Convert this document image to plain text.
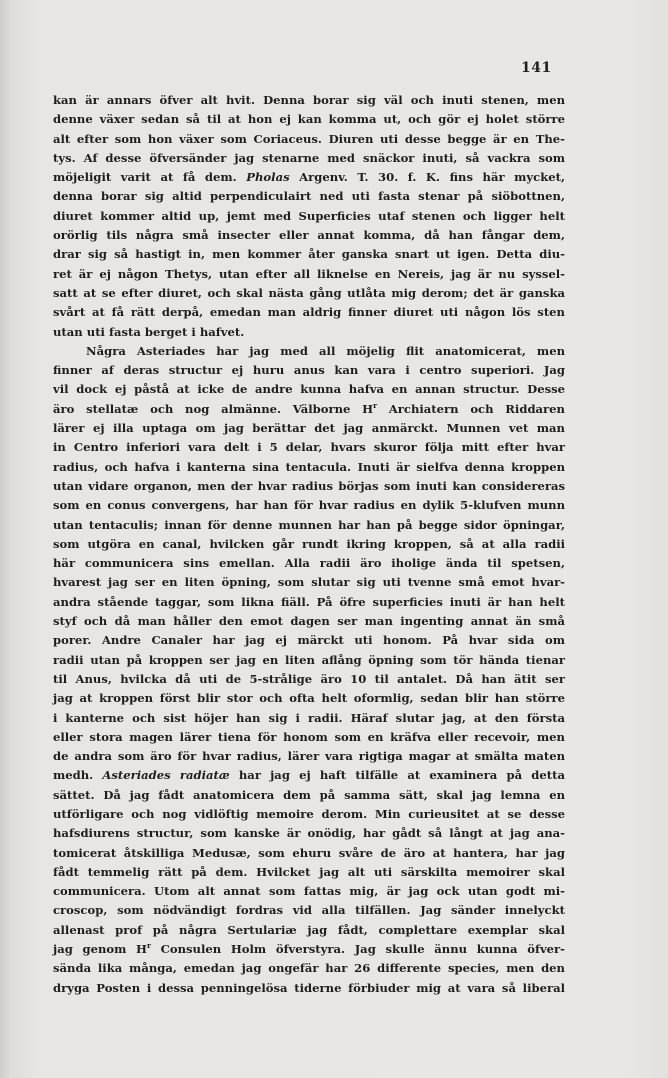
141
kan är annars öfver alt hvit. Denna borar sig väl och inuti stenen, men
denne växer sedan så til at hon ej kan komma ut, och gör ej holet större
alt efter som hon växer som Coriaceus. Diuren uti desse begge är en The-
tys. Af desse öfversänder jag stenarne med snäckor inuti, så vackra som
möjeligit varit at få dem. Pholas Argenv. T. 30. f. K. fins här mycket,
denna borar sig altid perpendiculairt ned uti fasta stenar på siöbottnen,
diuret kommer altid up, jemt med Superficies utaf stenen och ligger helt
orörlig tils några små insecter eller annat komma, då han fångar dem,
drar sig så hastigt in, men kommer åter ganska snart ut igen. Detta diu-
ret är ej någon Thetys, utan efter all liknelse en Nereis, jag är nu syssel-
satt at se efter diuret, och skal nästa gång utlåta mig derom; det är ganska
svårt at få rätt derpå, emedan man aldrig finner diuret uti någon lös sten
utan uti fasta berget i hafvet.
Några Asteriades har jag med all möjelig flit anatomicerat, men
finner af deras structur ej huru anus kan vara i centro superiori. Jag
vil dock ej påstå at icke de andre kunna hafva en annan structur. Desse
äro stellatæ och nog almänne. Välborne $H^r$ Archiatern och Riddaren
lärer ej illa uptaga om jag berättar det jag anmärckt. Munnen vet man
in Centro inferiori vara delt i 5 delar, hvars skuror följa mitt efter hvar
radius, och hafva i kanterna sina tentacula. Inuti är sielfva denna kroppen
utan vidare organon, men der hvar radius börjas som inuti kan considereras
som en conus convergens, har han för hvar radius en dylik 5-klufven munn
utan tentaculis; innan för denne munnen har han på begge sidor öpningar,
som utgöra en canal, hvilcken går rundt ikring kroppen, så at alla radii
här communicera sins emellan. Alla radii äro iholige ända til spetsen,
hvarest jag ser en liten öpning, som slutar sig uti tvenne små emot hvar-
andra stående taggar, som likna fiäll. På öfre superficies inuti är han helt
styf och då man håller den emot dagen ser man ingenting annat än små
porer. Andre Canaler har jag ej märckt uti honom. På hvar sida om
radii utan på kroppen ser jag en liten aflång öpning som tör hända tienar
til Anus, hvilcka då uti de 5-strålige äro 10 til antalet. Då han ätit ser
jag at kroppen först blir stor och ofta helt oformlig, sedan blir han större
i kanterne och sist höjer han sig i radii. Häraf slutar jag, at den första
eller stora magen lärer tiena för honom som en kräfva eller recevoir, men
de andra som äro för hvar radius, lärer vara rigtiga magar at smälta maten
medh. Asteriades radiatæ har jag ej haft tilfälle at examinera på detta
sättet. Då jag fådt anatomicera dem på samma sätt, skal jag lemna en
utförligare och nog vidlöftig memoire derom. Min curieusitet at se desse
hafsdiurens structur, som kanske är onödig, har gådt så långt at jag ana-
tomicerat åtskilliga Medusæ, som ehuru svåre de äro at hantera, har jag
fådt temmelig rätt på dem. Hvilcket jag alt uti särskilta memoirer skal
communicera. Utom alt annat som fattas mig, är jag ock utan godt mi-
croscop, som nödvändigt fordras vid alla tilfällen. Jag sänder innelyckt
allenast prof på några Sertulariæ jag fådt, complettare exemplar skal
jag genom $H^r$ Consulen Holm öfverstyra. Jag skulle ännu kunna öfver-
sända lika många, emedan jag ongefär har 26 differente species, men den
dryga Posten i dessa penningelösa tiderne förbiuder mig at vara så liberal
